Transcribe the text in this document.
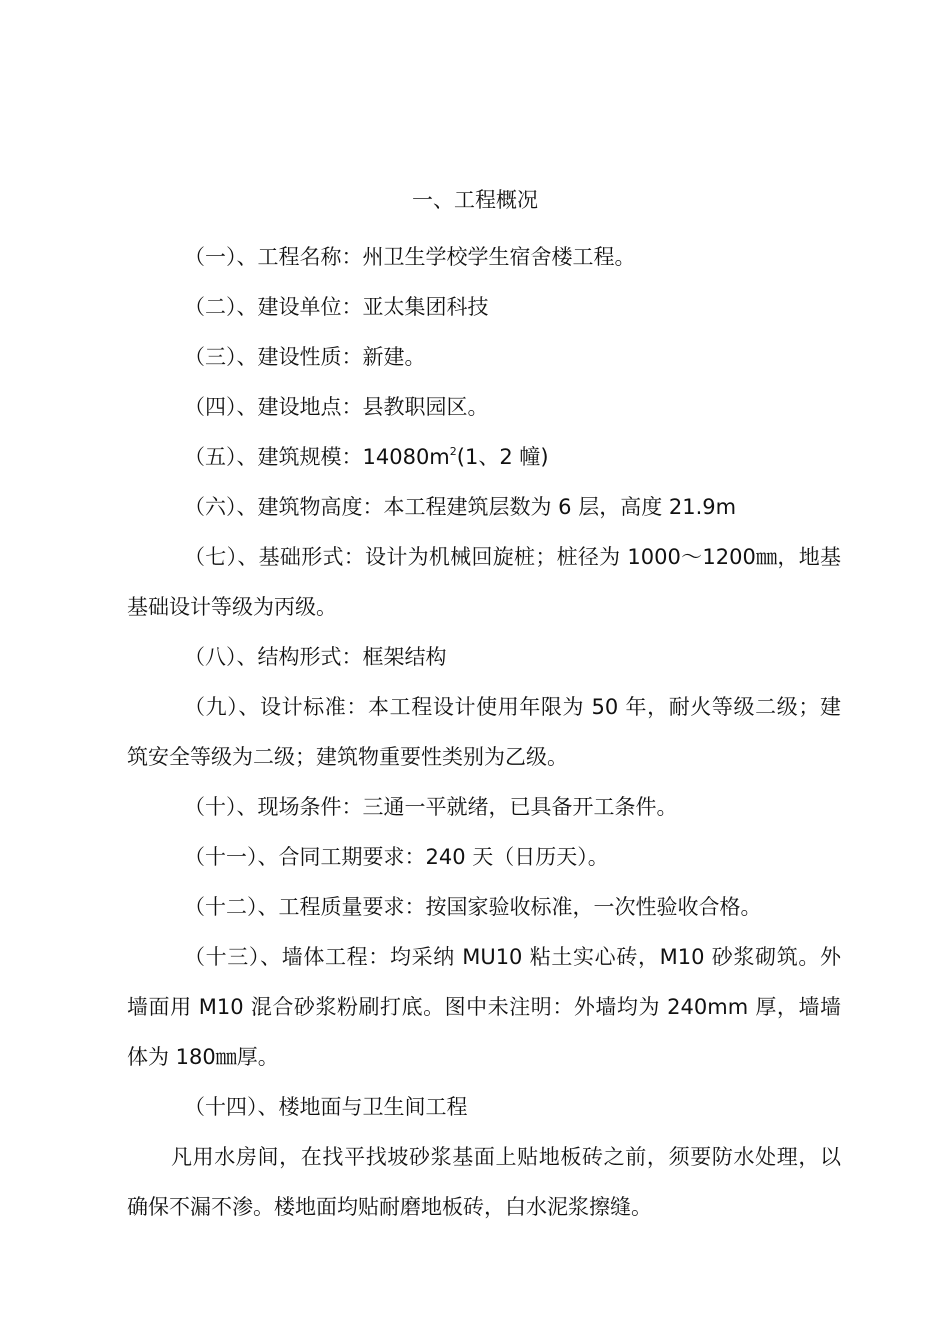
一、工程概况

（一）、工程名称：州卫生学校学生宿舍楼工程。

（二）、建设单位：亚太集团科技

（三）、建设性质：新建。

（四）、建设地点：县教职园区。

（五）、建筑规模：$14080m^2(1$、2 幢)

（六）、建筑物高度：本工程建筑层数为 6 层，高度 21.9m

（七）、基础形式：设计为机械回旋桩；桩径为 1000～1200㎜，地基基础设计等级为丙级。

（八）、结构形式：框架结构

（九）、设计标准：本工程设计使用年限为 50 年，耐火等级二级；建筑安全等级为二级；建筑物重要性类别为乙级。

（十）、现场条件：三通一平就绪，已具备开工条件。

（十一）、合同工期要求：240 天（日历天）。

（十二）、工程质量要求：按国家验收标准，一次性验收合格。

（十三）、墙体工程：均采纳 MU10 粘土实心砖，M10 砂浆砌筑。外墙面用 M10 混合砂浆粉刷打底。图中未注明：外墙均为 240mm 厚，墙墙体为 180㎜厚。

（十四）、楼地面与卫生间工程

凡用水房间，在找平找坡砂浆基面上贴地板砖之前，须要防水处理，以确保不漏不渗。楼地面均贴耐磨地板砖，白水泥浆擦缝。
